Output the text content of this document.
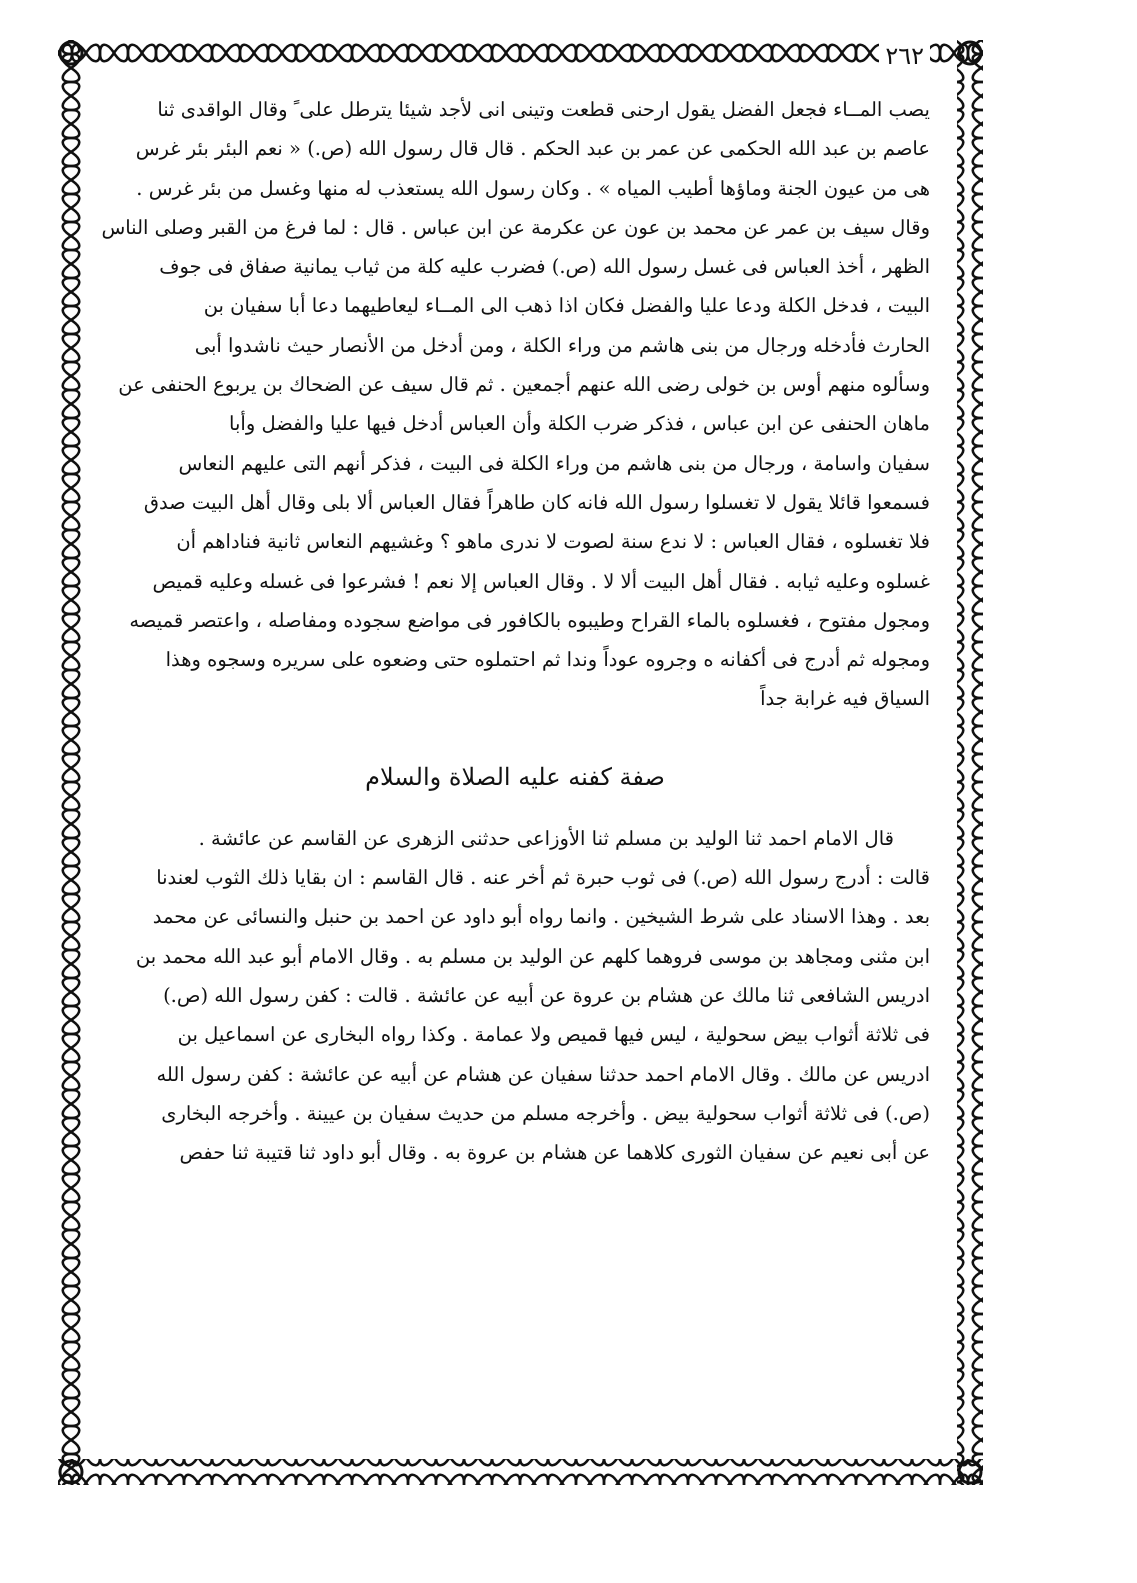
٢٦٢
يصب المــاء فجعل الفضل يقول ارحنى قطعت وتينى انى لأجد شيئا يترطل على ً وقال الواقدى ثنا
عاصم بن عبد الله الحكمى عن عمر بن عبد الحكم . قال قال رسول الله (ص.) « نعم البئر بئر غرس
هى من عيون الجنة وماؤها أطيب المياه » . وكان رسول الله يستعذب له منها وغسل من بئر غرس .
وقال سيف بن عمر عن محمد بن عون عن عكرمة عن ابن عباس . قال : لما فرغ من القبر وصلى الناس
الظهر ، أخذ العباس فى غسل رسول الله (ص.) فضرب عليه كلة من ثياب يمانية صفاق فى جوف
البيت ، فدخل الكلة ودعا عليا والفضل فكان اذا ذهب الى المــاء ليعاطيهما دعا أبا سفيان بن
الحارث فأدخله ورجال من بنى هاشم من وراء الكلة ، ومن أدخل من الأنصار حيث ناشدوا أبى
وسألوه منهم أوس بن خولى رضى الله عنهم أجمعين . ثم قال سيف عن الضحاك بن يربوع الحنفى عن
ماهان الحنفى عن ابن عباس ، فذكر ضرب الكلة وأن العباس أدخل فيها عليا والفضل وأبا
سفيان واسامة ، ورجال من بنى هاشم من وراء الكلة فى البيت ، فذكر أنهم التى عليهم النعاس
فسمعوا قائلا يقول لا تغسلوا رسول الله فانه كان طاهراً فقال العباس ألا بلى وقال أهل البيت صدق
فلا تغسلوه ، فقال العباس : لا ندع سنة لصوت لا ندرى ماهو ؟ وغشيهم النعاس ثانية فناداهم أن
غسلوه وعليه ثيابه . فقال أهل البيت ألا لا . وقال العباس إلا نعم ! فشرعوا فى غسله وعليه قميص
ومجول مفتوح ، فغسلوه بالماء القراح وطيبوه بالكافور فى مواضع سجوده ومفاصله ، واعتصر قميصه
ومجوله ثم أدرج فى أكفانه ه وجروه عوداً وندا ثم احتملوه حتى وضعوه على سريره وسجوه وهذا
السياق فيه غرابة جداً
صفة كفنه عليه الصلاة والسلام
قال الامام احمد ثنا الوليد بن مسلم ثنا الأوزاعى حدثنى الزهرى عن القاسم عن عائشة .
قالت : أدرج رسول الله (ص.) فى ثوب حبرة ثم أخر عنه . قال القاسم : ان بقايا ذلك الثوب لعندنا
بعد . وهذا الاسناد على شرط الشيخين . وانما رواه أبو داود عن احمد بن حنبل والنسائى عن محمد
ابن مثنى ومجاهد بن موسى فروهما كلهم عن الوليد بن مسلم به . وقال الامام أبو عبد الله محمد بن
ادريس الشافعى ثنا مالك عن هشام بن عروة عن أبيه عن عائشة . قالت : كفن رسول الله (ص.)
فى ثلاثة أثواب بيض سحولية ، ليس فيها قميص ولا عمامة . وكذا رواه البخارى عن اسماعيل بن
ادريس عن مالك . وقال الامام احمد حدثنا سفيان عن هشام عن أبيه عن عائشة : كفن رسول الله
(ص.) فى ثلاثة أثواب سحولية بيض . وأخرجه مسلم من حديث سفيان بن عيينة . وأخرجه البخارى
عن أبى نعيم عن سفيان الثورى كلاهما عن هشام بن عروة به . وقال أبو داود ثنا قتيبة ثنا حفص
